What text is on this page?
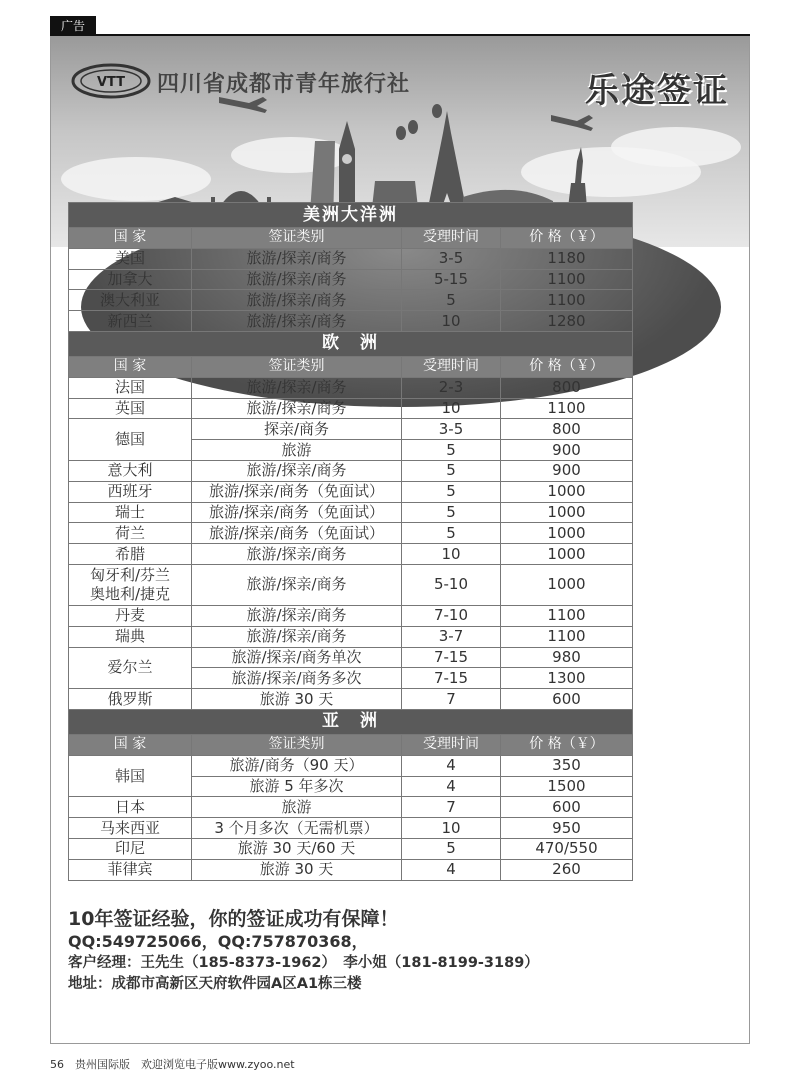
广告
VTT 四川省成都市青年旅行社	乐途签证
美洲大洋洲			
国 家	签证类别	受理时间	价 格（￥）
美国	旅游/探亲/商务	3-5	1180
加拿大	旅游/探亲/商务	5-15	1100
澳大利亚	旅游/探亲/商务	5	1100
新西兰	旅游/探亲/商务	10	1280
欧　洲			
国 家	签证类别	受理时间	价 格（￥）
法国	旅游/探亲/商务	2-3	800
英国	旅游/探亲/商务	10	1100
德国	探亲/商务	3-5	800
	旅游	5	900
意大利	旅游/探亲/商务	5	900
西班牙	旅游/探亲/商务（免面试）	5	1000
瑞士	旅游/探亲/商务（免面试）	5	1000
荷兰	旅游/探亲/商务（免面试）	5	1000
希腊	旅游/探亲/商务	10	1000
匈牙利/芬兰
奥地利/捷克	旅游/探亲/商务	5-10	1000
丹麦	旅游/探亲/商务	7-10	1100
瑞典	旅游/探亲/商务	3-7	1100
爱尔兰	旅游/探亲/商务单次	7-15	980
	旅游/探亲/商务多次	7-15	1300
俄罗斯	旅游 30 天	7	600
亚　洲			
国 家	签证类别	受理时间	价 格（￥）
韩国	旅游/商务（90 天）	4	350
	旅游 5 年多次	4	1500
日本	旅游	7	600
马来西亚	3 个月多次（无需机票）	10	950
印尼	旅游 30 天/60 天	5	470/550
菲律宾	旅游 30 天	4	260
10年签证经验，你的签证成功有保障！
QQ:549725066，QQ:757870368，
客户经理：王先生（185-8373-1962）　李小姐（181-8199-3189）
地址：成都市高新区天府软件园A区A1栋三楼
56　贵州国际版　欢迎浏览电子版www.zyoo.net
